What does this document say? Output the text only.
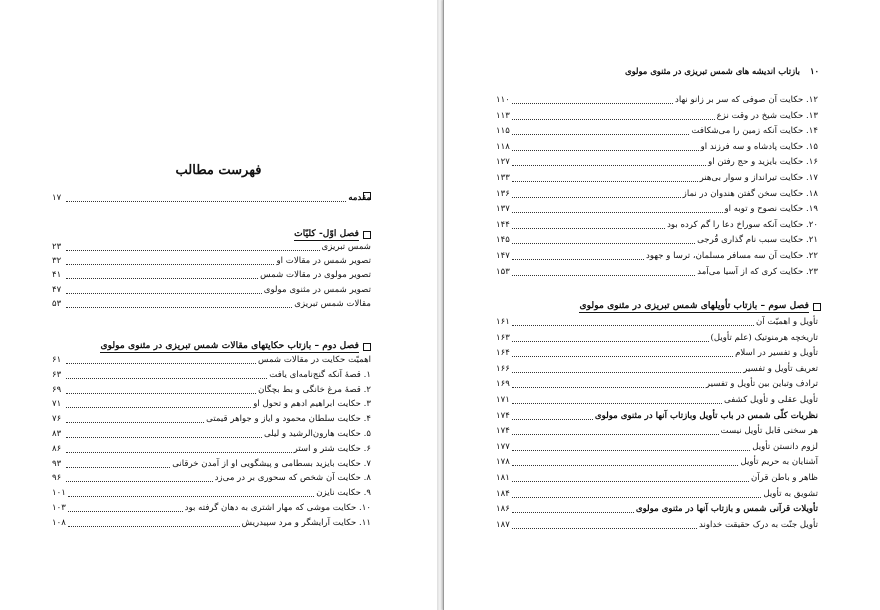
فهرست مطالب
مقدمه
۱۷
فصل اوّل- کلیّات
شمس تبریزی
۲۳
تصویر شمس در مقالات او
۳۲
تصویر مولوی در مقالات شمس
۴۱
تصویر شمس در مثنوی مولوی
۴۷
مقالات شمس تبریزی
۵۳
فصل دوم – بازتاب حکایتهای مقالات شمس تبریزی در مثنوی مولوی
اهمیّت حکایت در مقالات شمس
۶۱
۱. قصهٔ آنکه گنج‌نامه‌ای یافت
۶۳
۲. قصهٔ مرغ خانگی و بط بچگان
۶۹
۳. حکایت ابراهیم ادهم و تحول او
۷۱
۴. حکایت سلطان محمود و ایاز و جواهر قیمتی
۷۶
۵. حکایت هارون‌الرشید و لیلی
۸۳
۶. حکایت شتر و استر
۸۶
۷. حکایت بایزید بسطامی و پیشگویی او از آمدن خرقانی
۹۳
۸. حکایت آن شخص که سحوری بر در می‌زد
۹۶
۹. حکایت نایزن
۱۰۱
۱۰. حکایت موشی که مهار اشتری به دهان گرفته بود
۱۰۳
۱۱. حکایت آرایشگر و مرد سپیدریش
۱۰۸
۱۲. حکایت آن صوفی که سر بر زانو نهاد
۱۱۰
۱۳. حکایت شیخ در وقت نزع
۱۱۳
۱۴. حکایت آنکه زمین را می‌شکافت
۱۱۵
۱۵. حکایت پادشاه و سه فرزند او
۱۱۸
۱۶. حکایت بایزید و حج رفتن او
۱۲۷
۱۷. حکایت تیرانداز و سوار بی‌هنر
۱۳۳
۱۸. حکایت سخن گفتن هندوان در نماز
۱۳۶
۱۹. حکایت نصوح و توبه او
۱۳۷
۲۰. حکایت آنکه سوراخ دعا را گم کرده بود
۱۴۴
۲۱. حکایت سبب نام گذاری قُرجی
۱۴۵
۲۲. حکایت آن سه مسافر مسلمان، ترسا و جهود
۱۴۷
۲۳. حکایت کری که از آسیا می‌آمد
۱۵۳
فصل سوم – بازتاب تأویلهای شمس تبریزی در مثنوی مولوی
تأویل و اهمیّت آن
۱۶۱
تاریخچه هرمنوتیک (علم تأویل)
۱۶۳
تأویل و تفسیر در اسلام
۱۶۴
تعریف تأویل و تفسیر
۱۶۶
ترادف وتباین بین تأویل و تفسیر
۱۶۹
تأویل عقلی و تأویل کشفی
۱۷۱
نظریات کلّی شمس در باب تأویل وبازتاب آنها در مثنوی مولوی
۱۷۴
هر سخنی قابل تأویل نیست
۱۷۴
لزوم دانستن تأویل
۱۷۷
آشنایان به حریم تأویل
۱۷۸
ظاهر و باطن قرآن
۱۸۱
تشویق به تأویل
۱۸۴
تأویلات قرآنی شمس و بازتاب آنها در مثنوی مولوی
۱۸۶
تأویل جنّت به درک حقیقت خداوند
۱۸۷
۱۰
بازتاب اندیشه های شمس تبریزی در مثنوی مولوی
